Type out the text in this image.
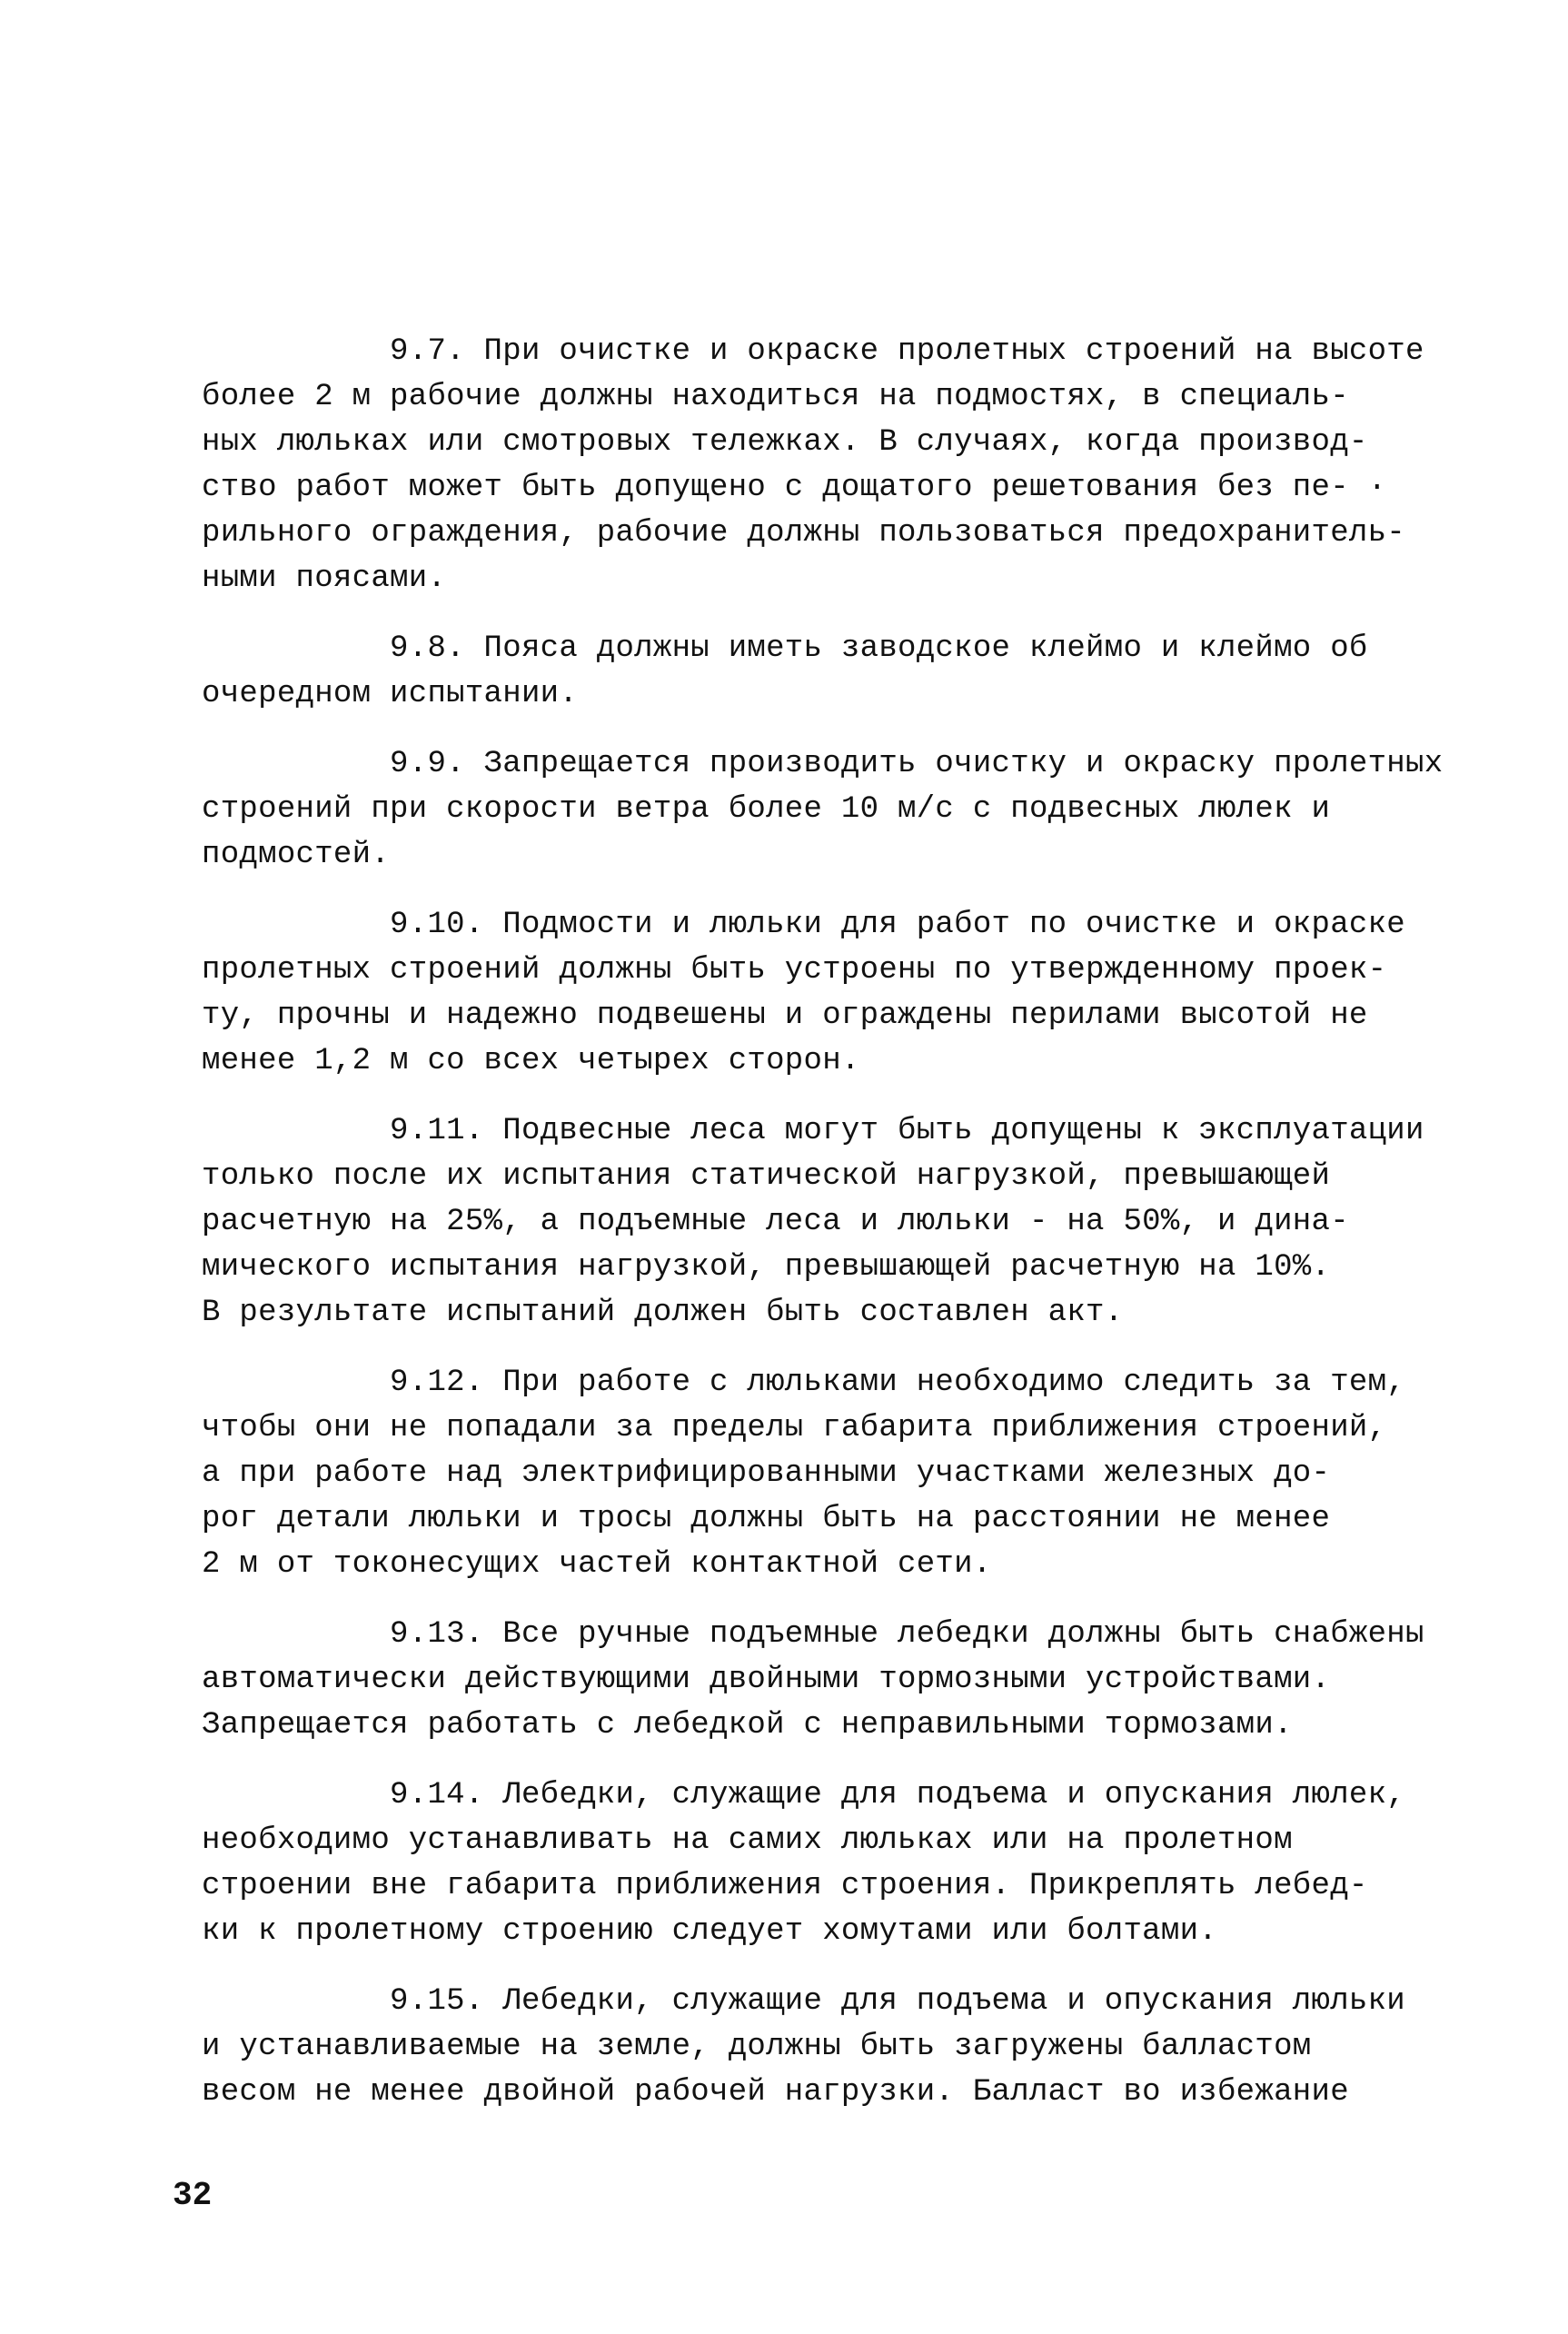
9.7. При очистке и окраске пролетных строений на высоте
более 2 м рабочие должны находиться на подмостях, в специаль-
ных люльках или смотровых тележках. В случаях, когда производ-
ство работ может быть допущено с дощатого решетования без пе- ·
рильного ограждения, рабочие должны пользоваться предохранитель-
ными поясами.
9.8. Пояса должны иметь заводское клеймо и клеймо об
очередном испытании.
9.9. Запрещается производить очистку и окраску пролетных
строений при скорости ветра более 10 м/с с подвесных люлек и
подмостей.
9.10. Подмости и люльки для работ по очистке и окраске
пролетных строений должны быть устроены по утвержденному проек-
ту, прочны и надежно подвешены и ограждены перилами высотой не
менее 1,2 м со всех четырех сторон.
9.11. Подвесные леса могут быть допущены к эксплуатации
только после их испытания статической нагрузкой, превышающей
расчетную на 25%, а подъемные леса и люльки - на 50%, и дина-
мического испытания нагрузкой, превышающей расчетную на 10%.
В результате испытаний должен быть составлен акт.
9.12. При работе с люльками необходимо следить за тем,
чтобы они не попадали за пределы габарита приближения строений,
а при работе над электрифицированными участками железных до-
рог детали люльки и тросы должны быть на расстоянии не менее
2 м от токонесущих частей контактной сети.
9.13. Все ручные подъемные лебедки должны быть снабжены
автоматически действующими двойными тормозными устройствами.
Запрещается работать с лебедкой с неправильными тормозами.
9.14. Лебедки, служащие для подъема и опускания люлек,
необходимо устанавливать на самих люльках или на пролетном
строении вне габарита приближения строения. Прикреплять лебед-
ки к пролетному строению следует хомутами или болтами.
9.15. Лебедки, служащие для подъема и опускания люльки
и устанавливаемые на земле, должны быть загружены балластом
весом не менее двойной рабочей нагрузки. Балласт во избежание
32
